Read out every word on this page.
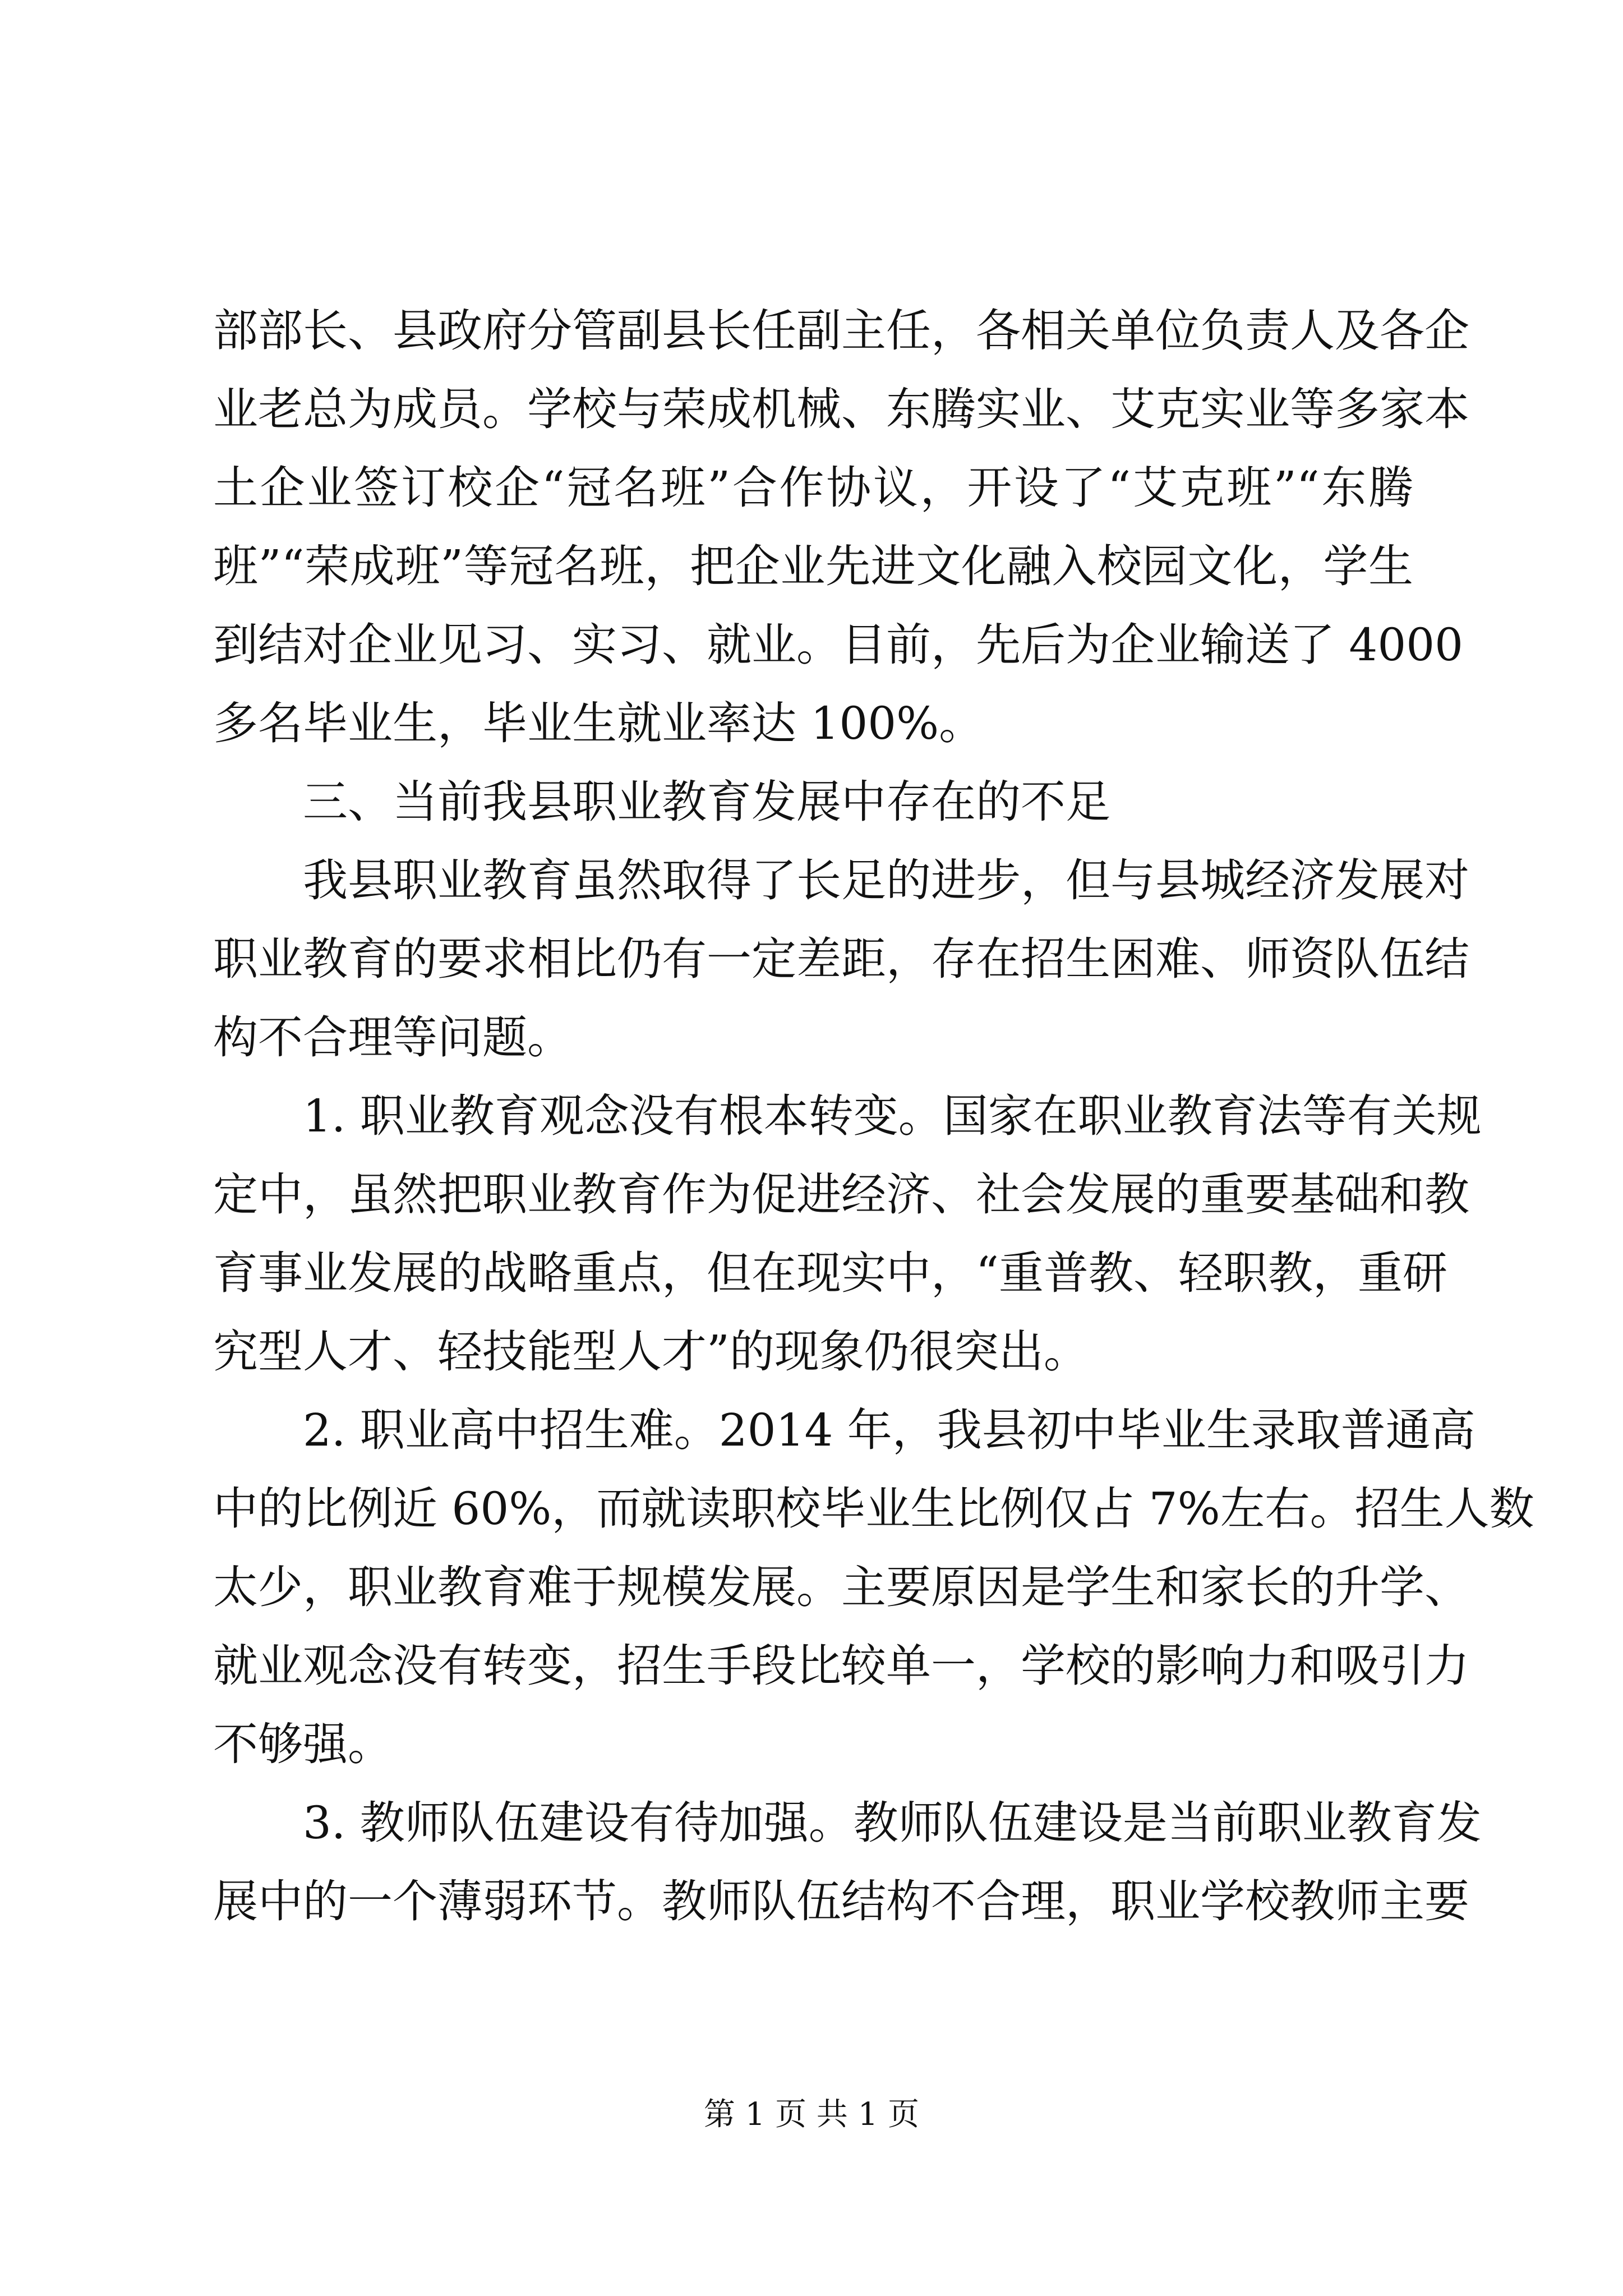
部部长、县政府分管副县长任副主任，各相关单位负责人及各企
业老总为成员。学校与荣成机械、东腾实业、艾克实业等多家本
土企业签订校企“冠名班”合作协议，开设了“艾克班”“东腾
班”“荣成班”等冠名班，把企业先进文化融入校园文化，学生
到结对企业见习、实习、就业。目前，先后为企业输送了 4000
多名毕业生，毕业生就业率达 100%。
三、当前我县职业教育发展中存在的不足
我县职业教育虽然取得了长足的进步，但与县城经济发展对
职业教育的要求相比仍有一定差距，存在招生困难、师资队伍结
构不合理等问题。
1. 职业教育观念没有根本转变。国家在职业教育法等有关规
定中，虽然把职业教育作为促进经济、社会发展的重要基础和教
育事业发展的战略重点，但在现实中，“重普教、轻职教，重研
究型人才、轻技能型人才”的现象仍很突出。
2. 职业高中招生难。2014 年，我县初中毕业生录取普通高
中的比例近 60%，而就读职校毕业生比例仅占 7%左右。招生人数
太少，职业教育难于规模发展。主要原因是学生和家长的升学、
就业观念没有转变，招生手段比较单一，学校的影响力和吸引力
不够强。
3. 教师队伍建设有待加强。教师队伍建设是当前职业教育发
展中的一个薄弱环节。教师队伍结构不合理，职业学校教师主要
第 1 页 共 1 页
